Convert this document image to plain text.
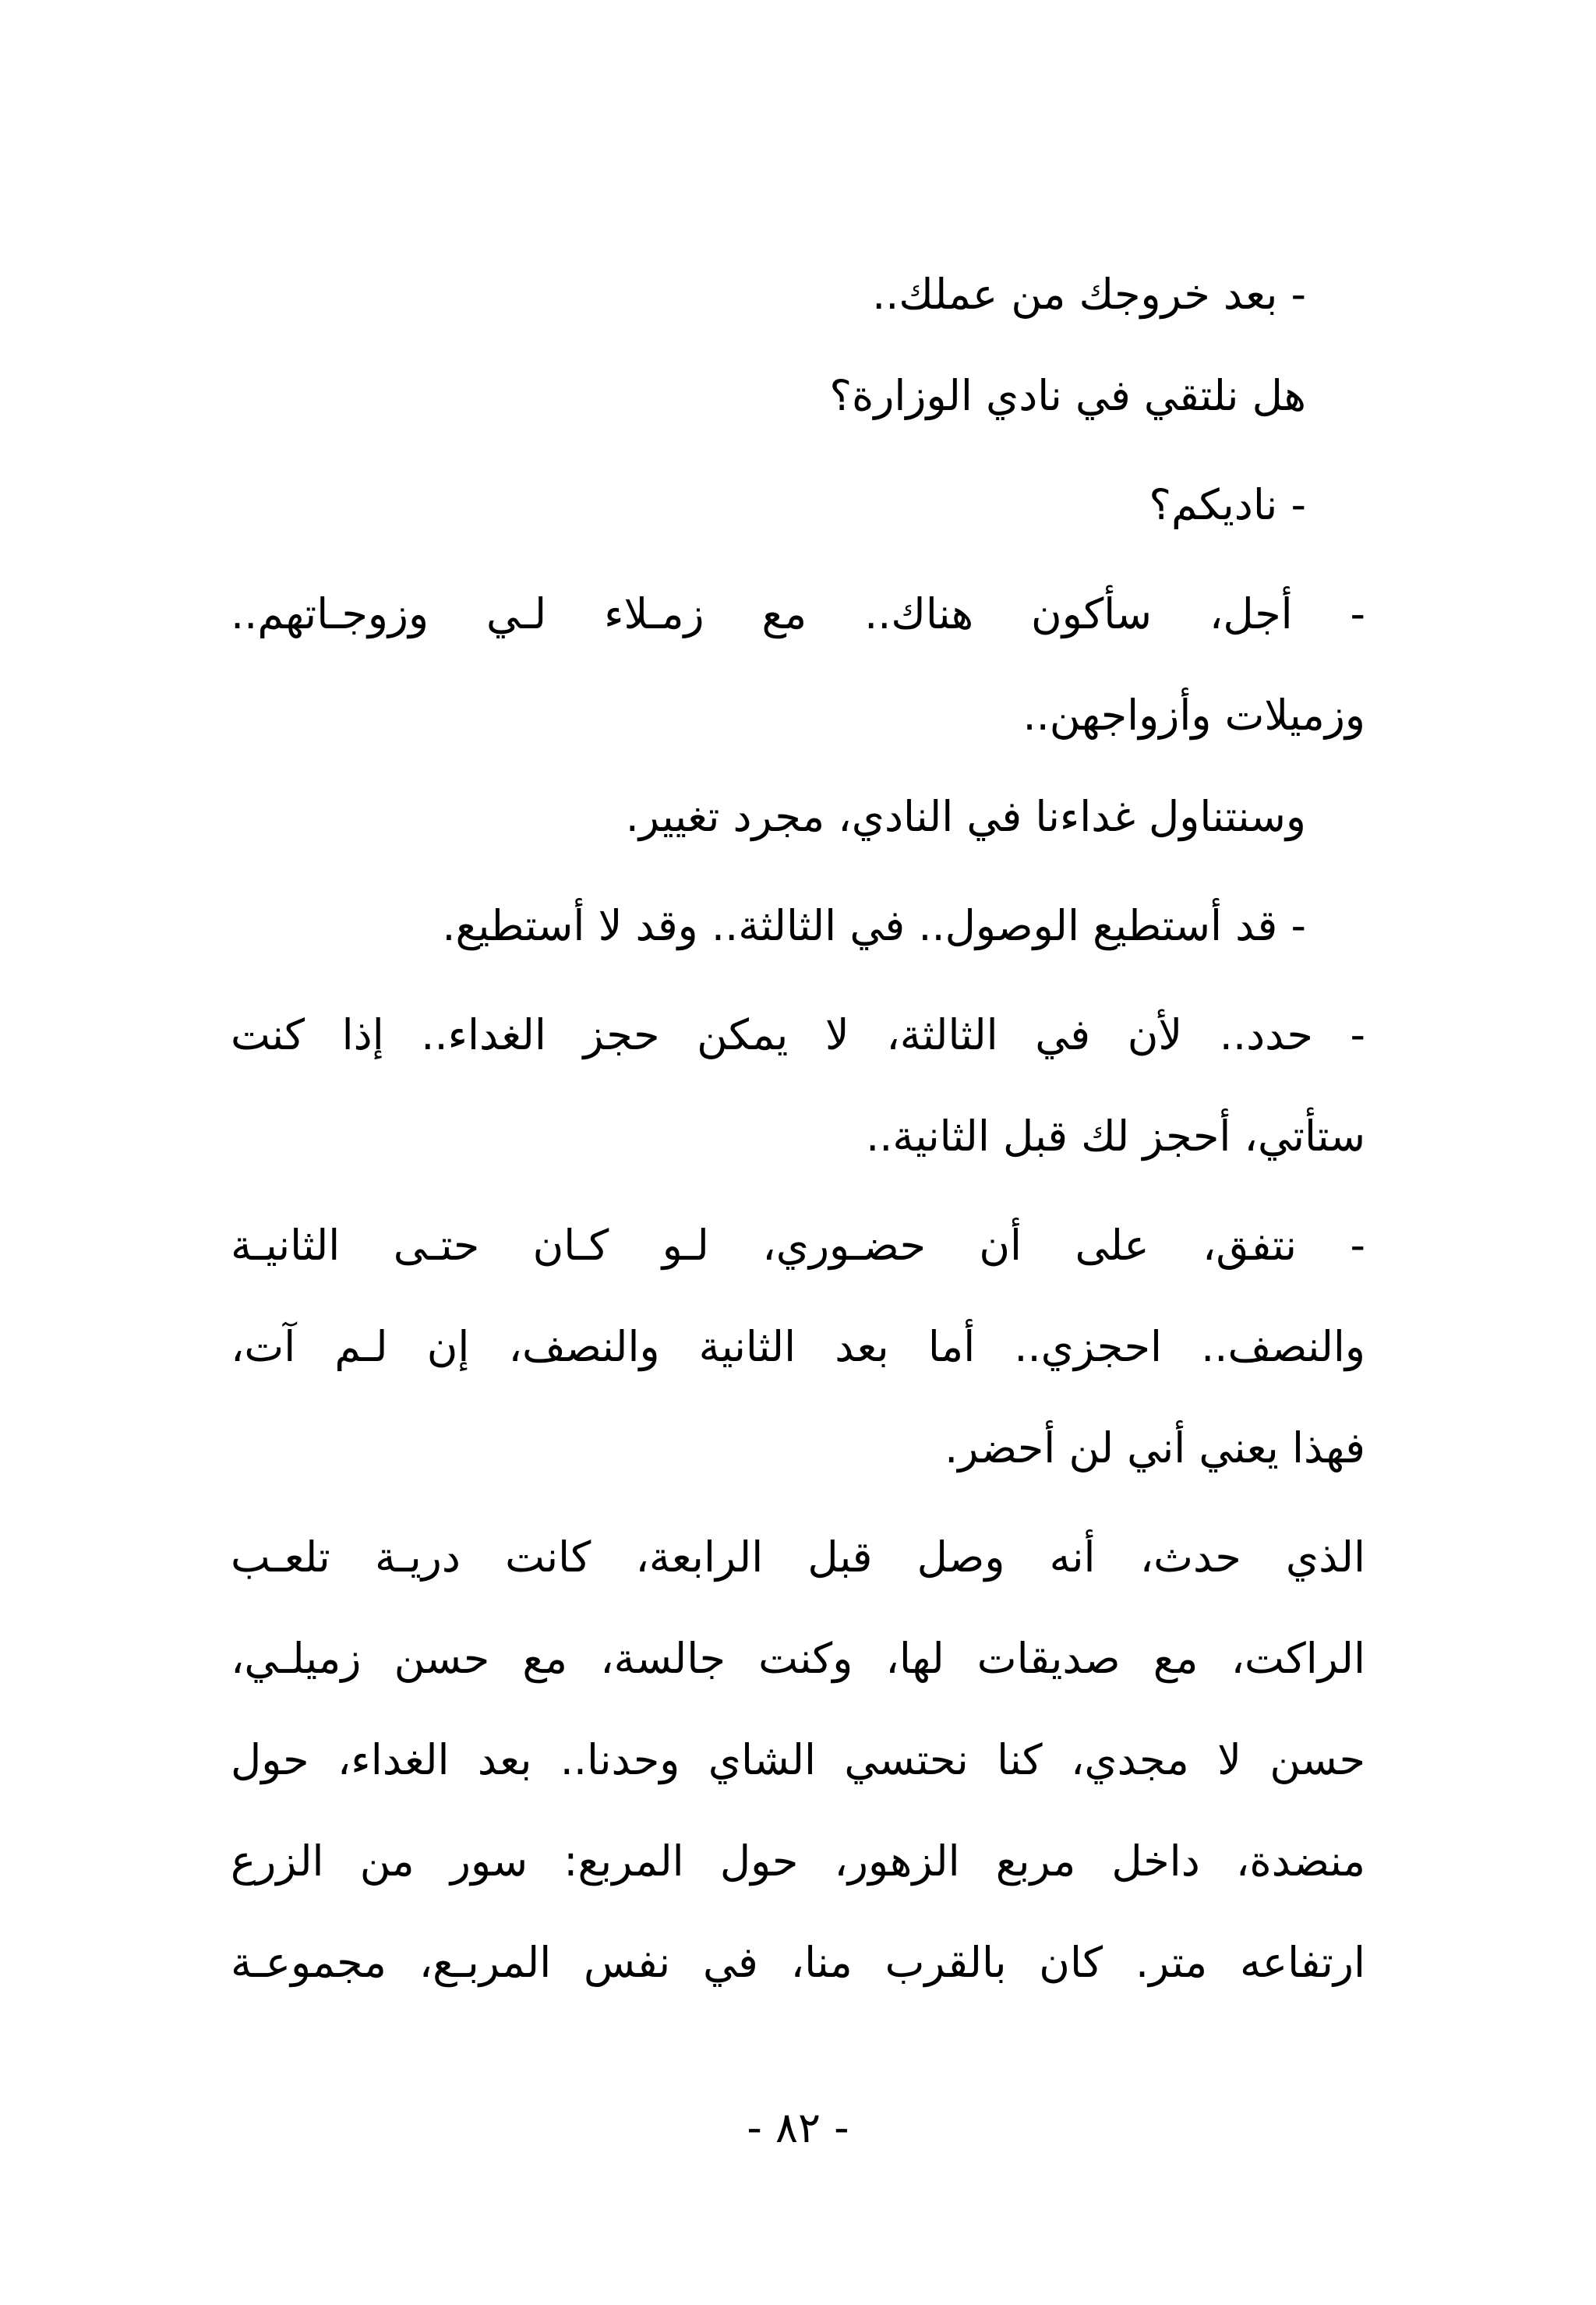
- بعد خروجك من عملك..
هل نلتقي في نادي الوزارة؟
- ناديكم؟
- أجل، سأكون هناك.. مع زمـلاء لـي وزوجـاتهم..
وزميلات وأزواجهن..
وسنتناول غداءنا في النادي، مجرد تغيير.
- قد أستطيع الوصول.. في الثالثة.. وقد لا أستطيع.
- حدد.. لأن في الثالثة، لا يمكن حجز الغداء.. إذا كنت
ستأتي، أحجز لك قبل الثانية..
- نتفق، على أن حضـوري، لـو كـان حتـى الثانيـة
والنصف.. احجزي.. أما بعد الثانية والنصف، إن لـم آت،
فهذا يعني أني لن أحضر.
الذي حدث، أنه وصل قبل الرابعة، كانت دريـة تلعـب
الراكت، مع صديقات لها، وكنت جالسة، مع حسن زميلـي،
حسن لا مجدي، كنا نحتسي الشاي وحدنا.. بعد الغداء، حول
منضدة، داخل مربع الزهور، حول المربع: سور من الزرع
ارتفاعه متر. كان بالقرب منا، في نفس المربـع، مجموعـة
- ٨٢ -
